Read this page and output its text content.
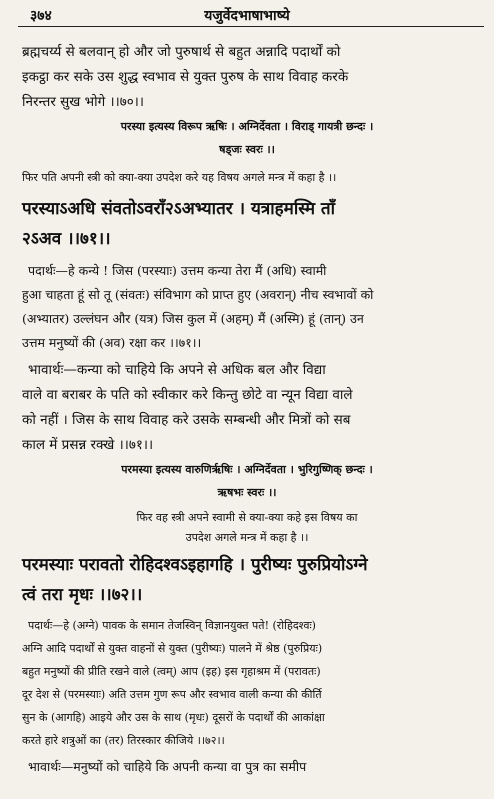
३७४	यजुर्वेदभाषाभाष्ये
ब्रह्मचर्य्य से बलवान् हो और जो पुरुषार्थ से बहुत अन्नादि पदार्थों को
इकट्ठा कर सके उस शुद्ध स्वभाव से युक्त पुरुष के साथ विवाह करके
निरन्तर सुख भोगे ।।७०।।
परस्या इत्यस्य विरूप ऋषिः । अग्निर्देवता । विराड् गायत्री छन्दः ।
षड्जः स्वरः ।।
फिर पति अपनी स्त्री को क्या-क्या उपदेश करे यह विषय अगले मन्त्र में कहा है ।।
परस्याऽअधि संवतोऽवराँ२ऽअभ्यातर । यत्राहमस्मि ताँ
२ऽअव ।।७१।।
पदार्थः—हे कन्ये ! जिस (परस्याः) उत्तम कन्या तेरा मैं (अधि) स्वामी
हुआ चाहता हूं सो तू (संवतः) संविभाग को प्राप्त हुए (अवरान्) नीच स्वभावों को
(अभ्यातर) उल्लंघन और (यत्र) जिस कुल में (अहम्) मैं (अस्मि) हूं (तान्) उन
उत्तम मनुष्यों की (अव) रक्षा कर ।।७१।।
भावार्थः—कन्या को चाहिये कि अपने से अधिक बल और विद्या
वाले वा बराबर के पति को स्वीकार करे किन्तु छोटे वा न्यून विद्या वाले
को नहीं । जिस के साथ विवाह करे उसके सम्बन्धी और मित्रों को सब
काल में प्रसन्न रक्खे ।।७१।।
परमस्या इत्यस्य वारुणिर्ऋषिः । अग्निर्देवता । भुरिगुष्णिक् छन्दः ।
ऋषभः स्वरः ।।
फिर वह स्त्री अपने स्वामी से क्या-क्या कहे इस विषय का
उपदेश अगले मन्त्र में कहा है ।।
परमस्याः परावतो रोहिदश्वऽइहागहि । पुरीष्यः पुरुप्रियोऽग्ने
त्वं तरा मृधः ।।७२।।
पदार्थः—हे (अग्ने) पावक के समान तेजस्विन् विज्ञानयुक्त पते! (रोहिदश्वः)
अग्नि आदि पदार्थों से युक्त वाहनों से युक्त (पुरीष्यः) पालने में श्रेष्ठ (पुरुप्रियः)
बहुत मनुष्यों की प्रीति रखने वाले (त्वम्) आप (इह) इस गृहाश्रम में (परावतः)
दूर देश से (परमस्याः) अति उत्तम गुण रूप और स्वभाव वाली कन्या की कीर्ति
सुन के (आगहि) आइये और उस के साथ (मृधः) दूसरों के पदार्थों की आकांक्षा
करते हारे शत्रुओं का (तर) तिरस्कार कीजिये ।।७२।।
भावार्थः—मनुष्यों को चाहिये कि अपनी कन्या वा पुत्र का समीप
